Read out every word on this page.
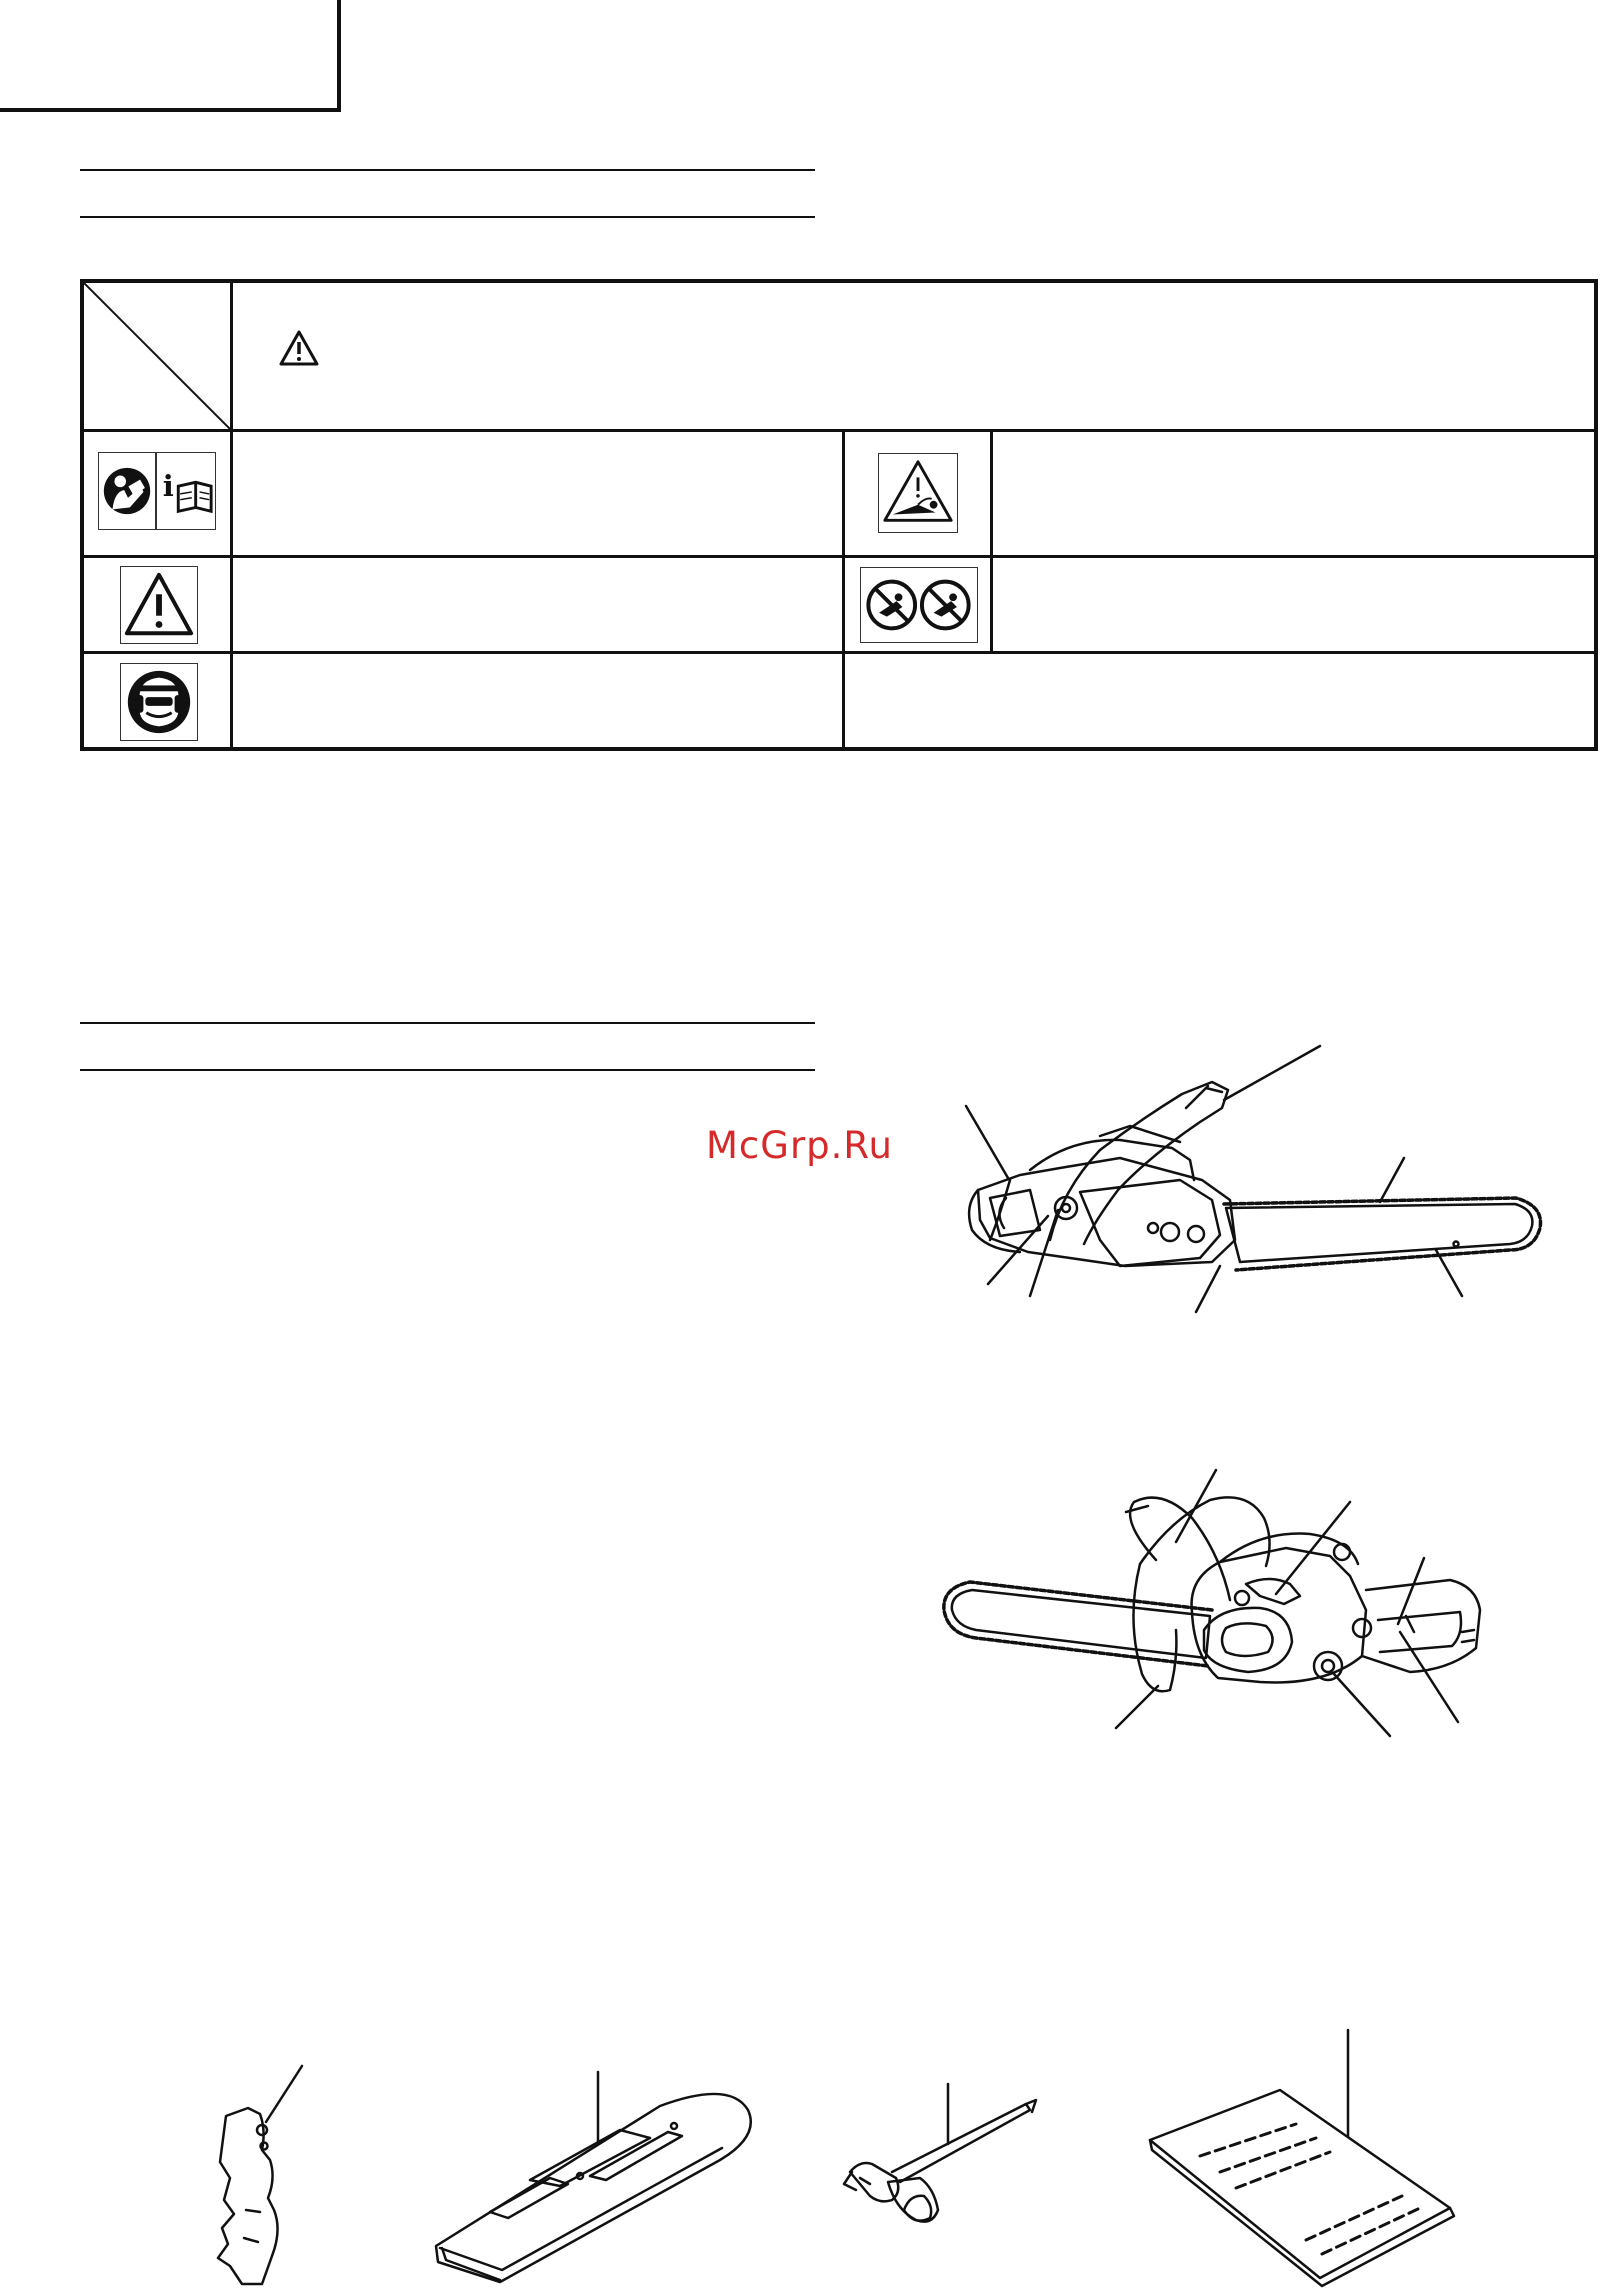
i
McGrp.Ru
